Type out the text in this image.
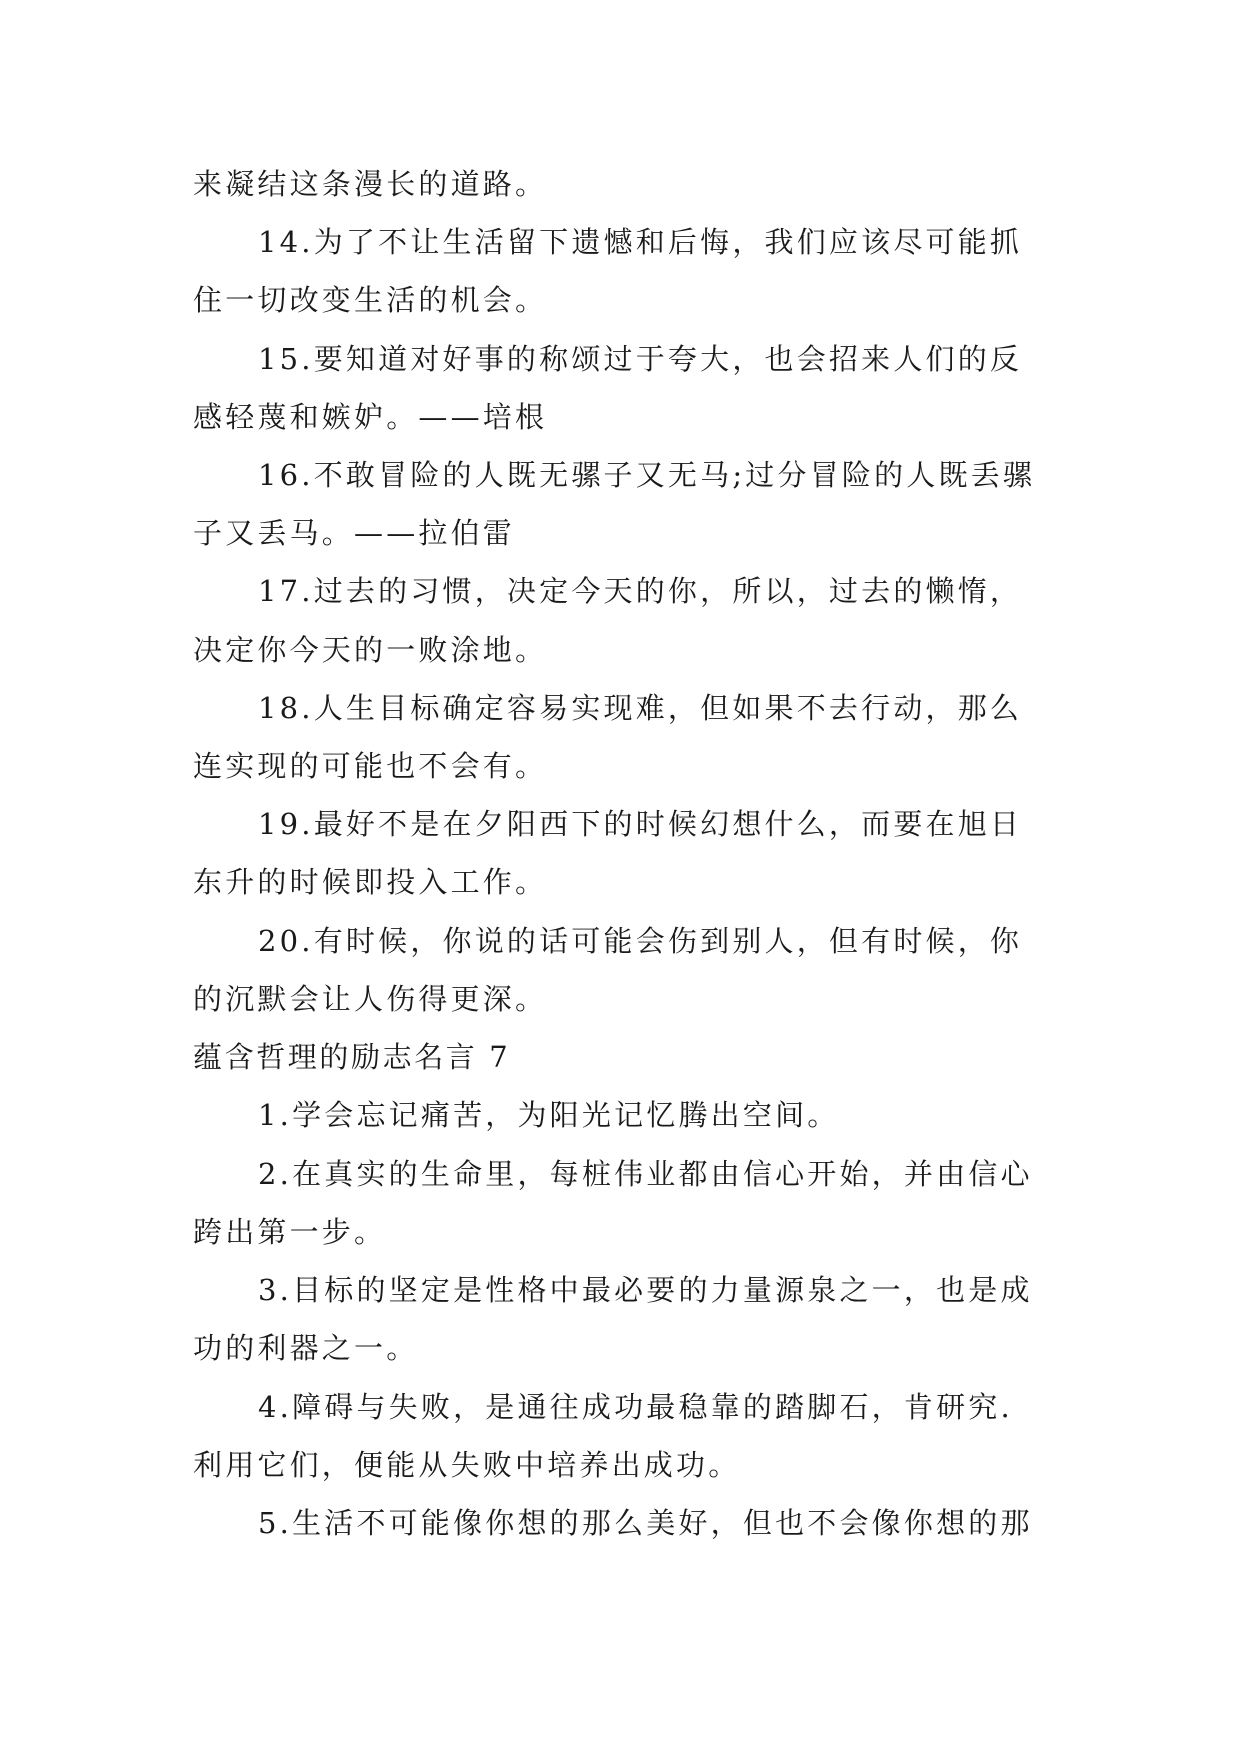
来凝结这条漫长的道路。
14.为了不让生活留下遗憾和后悔，我们应该尽可能抓
住一切改变生活的机会。
15.要知道对好事的称颂过于夸大，也会招来人们的反
感轻蔑和嫉妒。——培根
16.不敢冒险的人既无骡子又无马;过分冒险的人既丢骡
子又丢马。——拉伯雷
17.过去的习惯，决定今天的你，所以，过去的懒惰，
决定你今天的一败涂地。
18.人生目标确定容易实现难，但如果不去行动，那么
连实现的可能也不会有。
19.最好不是在夕阳西下的时候幻想什么，而要在旭日
东升的时候即投入工作。
20.有时候，你说的话可能会伤到别人，但有时候，你
的沉默会让人伤得更深。
蕴含哲理的励志名言 7
1.学会忘记痛苦，为阳光记忆腾出空间。
2.在真实的生命里，每桩伟业都由信心开始，并由信心
跨出第一步。
3.目标的坚定是性格中最必要的力量源泉之一，也是成
功的利器之一。
4.障碍与失败，是通往成功最稳靠的踏脚石，肯研究.
利用它们，便能从失败中培养出成功。
5.生活不可能像你想的那么美好，但也不会像你想的那
